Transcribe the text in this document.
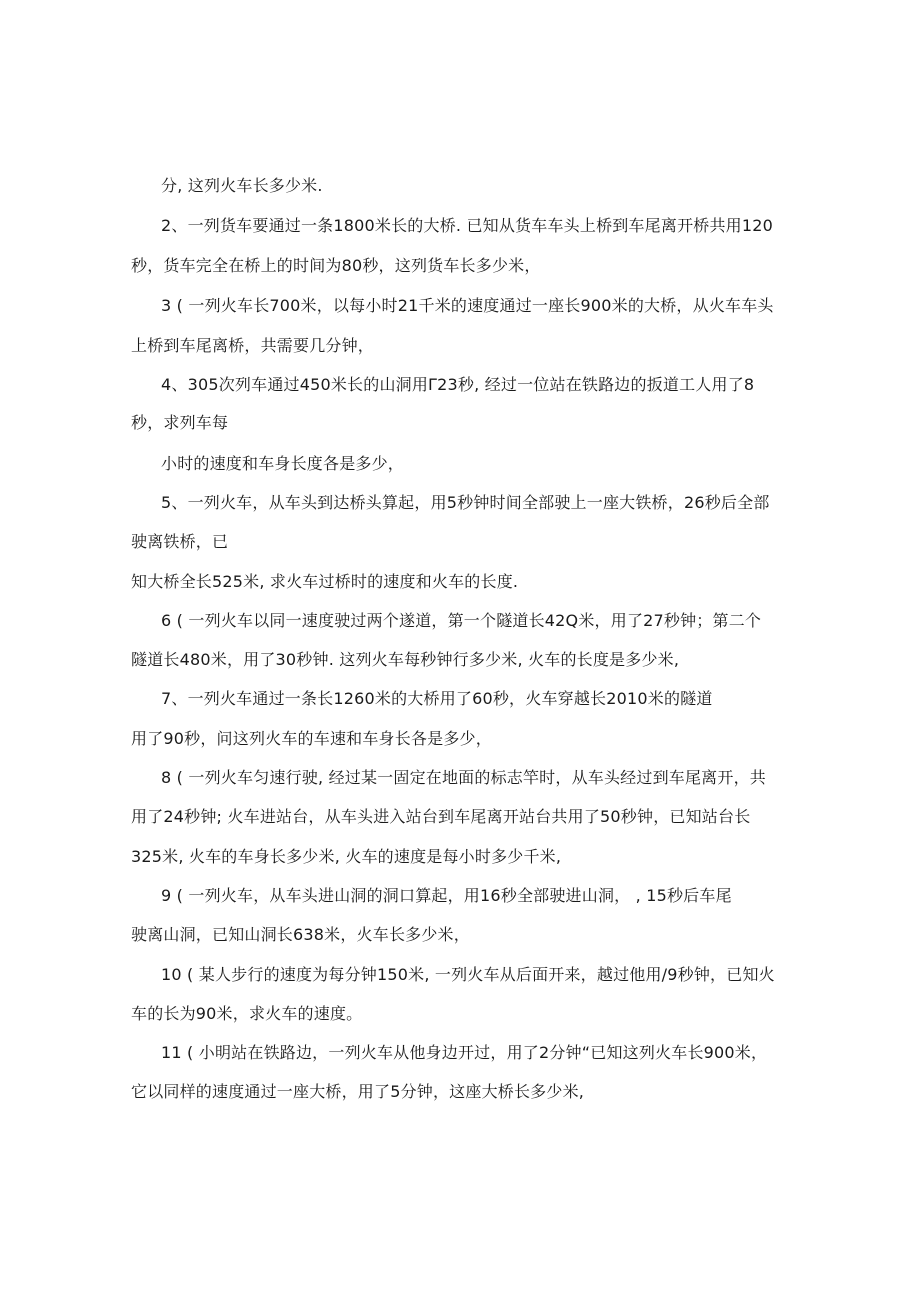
分, 这列火车长多少米.
2、一列货车要通过一条1800米长的大桥. 已知从货车车头上桥到车尾离开桥共用120
秒，货车完全在桥上的时间为80秒，这列货车长多少米，
3 ( 一列火车长700米，以每小时21千米的速度通过一座长900米的大桥，从火车车头
上桥到车尾离桥，共需要几分钟，
4、305次列车通过450米长的山洞用Γ23秒, 经过一位站在铁路边的扳道工人用了8
秒，求列车每
小时的速度和车身长度各是多少，
5、一列火车，从车头到达桥头算起，用5秒钟时间全部驶上一座大铁桥，26秒后全部
驶离铁桥，已
知大桥全长525米, 求火车过桥时的速度和火车的长度.
6 ( 一列火车以同一速度驶过两个遂道，第一个隧道长42Q米，用了27秒钟；第二个
隧道长480米，用了30秒钟. 这列火车每秒钟行多少米, 火车的长度是多少米,
7、一列火车通过一条长1260米的大桥用了60秒，火车穿越长2010米的隧道
用了90秒，问这列火车的车速和车身长各是多少，
8 ( 一列火车匀速行驶, 经过某一固定在地面的标志竿时，从车头经过到车尾离开，共
用了24秒钟; 火车进站台，从车头进入站台到车尾离开站台共用了50秒钟，已知站台长
325米, 火车的车身长多少米, 火车的速度是每小时多少千米,
9 ( 一列火车，从车头进山洞的洞口算起，用16秒全部驶进山洞， , 15秒后车尾
驶离山洞，已知山洞长638米，火车长多少米，
10 ( 某人步行的速度为每分钟150米, 一列火车从后面开来，越过他用/9秒钟，已知火
车的长为90米，求火车的速度。
11 ( 小明站在铁路边，一列火车从他身边开过，用了2分钟“已知这列火车长900米，
它以同样的速度通过一座大桥，用了5分钟，这座大桥长多少米,
